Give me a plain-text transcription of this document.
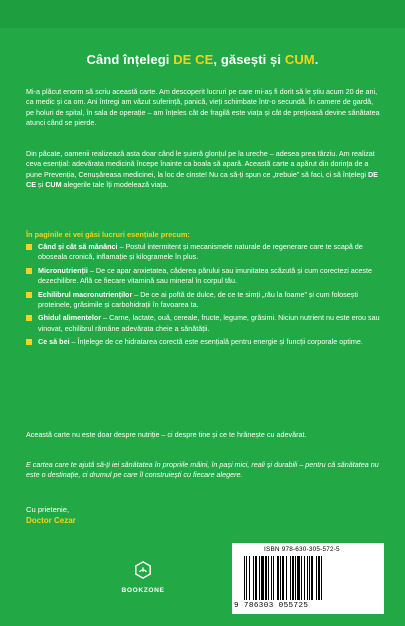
Când înțelegi DE CE, găsești și CUM.
Mi-a plăcut enorm să scriu această carte. Am descoperit lucruri pe care mi-aș fi dorit să le știu acum 20 de ani, ca medic și ca om. Ani întregi am văzut suferință, panică, vieți schimbate într-o secundă. În camere de gardă, pe holuri de spital, în sala de operație – am înțeles cât de fragilă este viața și cât de prețioasă devine sănătatea atunci când se pierde.
Din păcate, oamenii realizează asta doar când le șuieră glonțul pe la ureche – adesea prea târziu. Am realizat ceva esențial: adevărata medicină începe înainte ca boala să apară. Această carte a apărut din dorința de a pune Prevenția, Cenușăreasa medicinei, la loc de cinste! Nu ca să-ți spun ce „trebuie” să faci, ci să înțelegi DE CE și CUM alegerile tale îți modelează viața.
În paginile ei vei găsi lucruri esențiale precum:
Când și cât să mănânci – Postul intermitent și mecanismele naturale de regenerare care te scapă de oboseala cronică, inflamație și kilogramele în plus.
Micronutrienții – De ce apar anxietatea, căderea părului sau imunitatea scăzută și cum corectezi aceste dezechilibre. Află ce fiecare vitamină sau mineral în corpul tău.
Echilibrul macronutrienților – De ce ai poftă de dulce, de ce te simți „rău la foame” și cum folosești proteinele, grăsimile și carbohidrații în favoarea ta.
Ghidul alimentelor – Carne, lactate, ouă, cereale, fructe, legume, grăsimi. Niciun nutrient nu este erou sau vinovat, echilibrul rămâne adevărata cheie a sănătății.
Ce să bei – Înțelege de ce hidratarea corectă este esențială pentru energie și funcții corporale optime.
Această carte nu este doar despre nutriție – ci despre tine și ce te hrănește cu adevărat.
E cartea care te ajută să-ți iei sănătatea în propriile mâini, în pași mici, reali și durabili – pentru că sănătatea nu este o destinație, ci drumul pe care îl construiești cu fiecare alegere.
Cu prietenie,
Doctor Cezar
BOOKZONE
ISBN 978-630-305-572-5
9 786303 055725
